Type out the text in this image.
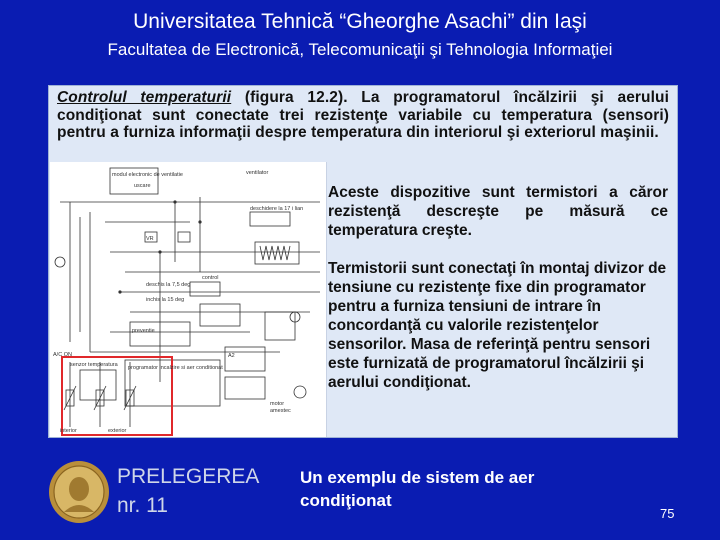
Universitatea Tehnică “Gheorghe Asachi” din Iaşi
Facultatea de Electronică, Telecomunicaţii şi Tehnologia Informaţiei
Controlul temperaturii (figura 12.2). La programatorul încălzirii şi aerului condiţionat sunt conectate trei rezistenţe variabile cu temperatura (sensori) pentru a furniza informaţii despre temperatura din interiorul şi exteriorul maşinii.
modul electronic de ventilatie	ventilator
uscare
deschidere la 17 i lian
control
preventie
A2
deschis la 7,5 deg
inchis la 15 deg
A/C ON
senzor temperatura programator incalzire si aer conditionat
interior	exterior
motor
amestec
VR
Aceste dispozitive sunt termistori a căror rezistenţă descreşte pe măsură ce temperatura creşte.
Termistorii sunt conectaţi în montaj divizor de tensiune cu rezistenţe fixe din programator pentru a furniza tensiuni de intrare în concordanţă cu valorile rezistenţelor sensorilor. Masa de referinţă pentru sensori este furnizată de programatorul încălzirii şi aerului condiţionat.
PRELEGEREA
nr. 11
Un exemplu de sistem de aer condiţionat
75
